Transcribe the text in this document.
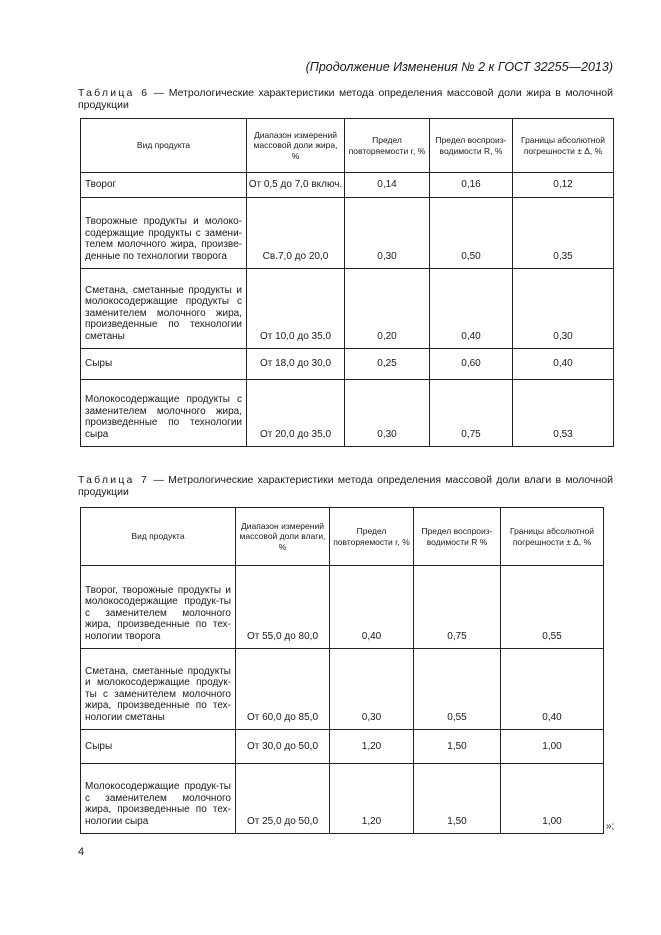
(Продолжение Изменения № 2 к ГОСТ 32255—2013)
Таблица 6 — Метрологические характеристики метода определения массовой доли жира в молочной продукции
Вид продукта	Диапазон измерений массовой доли жира, %	Предел повторяемости r, %	Предел воспроиз-водимости R, %	Границы абсолютной погрешности ± Δ, %
Творог	От 0,5 до 7,0 включ.	0,14	0,16	0,12
Творожные продукты и молоко-содержащие продукты с замени-телем молочного жира, произве-денные по технологии творога	Св.7,0 до 20,0	0,30	0,50	0,35
Сметана, сметанные продукты и молокосодержащие продукты с заменителем молочного жира, произведенные по технологии сметаны	От 10,0 до 35,0	0,20	0,40	0,30
Сыры	От 18,0 до 30,0	0,25	0,60	0,40
Молокосодержащие продукты с заменителем молочного жира, произведенные по технологии сыра	От 20,0 до 35,0	0,30	0,75	0,53
Таблица 7 — Метрологические характеристики метода определения массовой доли влаги в молочной продукции
Вид продукта	Диапазон измерений массовой доли влаги, %	Предел повторяемости r, %	Предел воспроиз-водимости R %	Границы абсолютной погрешности ± Δ, %
Творог, творожные продукты и молокосодержащие продук-ты с заменителем молочного жира, произведенные по тех-нологии творога	От 55,0 до 80,0	0,40	0,75	0,55
Сметана, сметанные продукты и молокосодержащие продук-ты с заменителем молочного жира, произведенные по тех-нологии сметаны	От 60,0 до 85,0	0,30	0,55	0,40
Сыры	От 30,0 до 50,0	1,20	1,50	1,00
Молокосодержащие продук-ты с заменителем молочного жира, произведенные по тех-нологии сыра	От 25,0 до 50,0	1,20	1,50	1,00	»;
4
